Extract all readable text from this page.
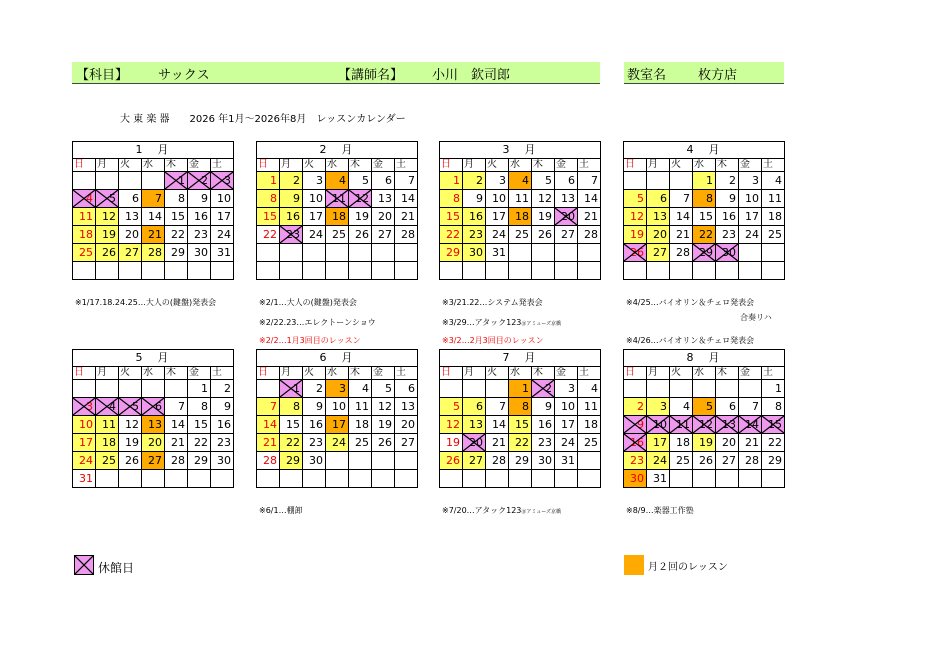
【科目】 サックス	【講師名】 小川　欽司郎	教室名 枚方店
大 東 楽 器　　2026 年1月～2026年8月　レッスンカレンダー
1　月						
日	月	火	水	木	金	土
				1	2	3

4	5	6	7	8	9	10
11	12	13	14	15	16	17
18	19	20	21	22	23	24
25	26	27	28	29	30	31

2　月						
日	月	火	水	木	金	土
1	2	3	4	5	6	7
8	9	10	11	12	13	14
15	16	17	18	19	20	21
22	23	24	25	26	27	28

3　月						
日	月	火	水	木	金	土
1	2	3	4	5	6	7
8	9	10	11	12	13	14
15	16	17	18	19	20	21
22	23	24	25	26	27	28
29	30	31				

4　月						
日	月	火	水	木	金	土
			1	2	3	4
5	6	7	8	9	10	11
12	13	14	15	16	17	18
19	20	21	22	23	24	25
26	27	28	29	30

5　月						
日	月	火	水	木	金	土
					1	2
3	4	5	6	7	8	9
10	11	12	13	14	15	16
17	18	19	20	21	22	23
24	25	26	27	28	29	30
31						
6　月						
日	月	火	水	木	金	土
	1	2	3	4	5	6
7	8	9	10	11	12	13
14	15	16	17	18	19	20
21	22	23	24	25	26	27
28	29	30				

7　月						
日	月	火	水	木	金	土
			1	2	3	4
5	6	7	8	9	10	11
12	13	14	15	16	17	18
19	20	21	22	23	24	25
26	27	28	29	30	31	

8　月						
日	月	火	水	木	金	土
						1
2	3	4	5	6	7	8
9	10	11	12	13	14	15

16	17	18	19	20	21	22
23	24	25	26	27	28	29
30	31					
※1/17.18.24.25…大人の(鍵盤)発表会	※2/1…大人の(鍵盤)発表会
※2/22.23…エレクトーンショウ
※2/2…1月3回目のレッスン
※3/21.22…システム発表会
※3/29…アタック123＠アミューズ京橋
※3/2…2月3回目のレッスン
※4/25…バイオリン＆チェロ発表会
合奏リハ
※4/26…バイオリン＆チェロ発表会
※6/1…棚卸	※7/20…アタック123＠アミューズ京橋	※8/9…楽器工作塾
休館日	月２回のレッスン
